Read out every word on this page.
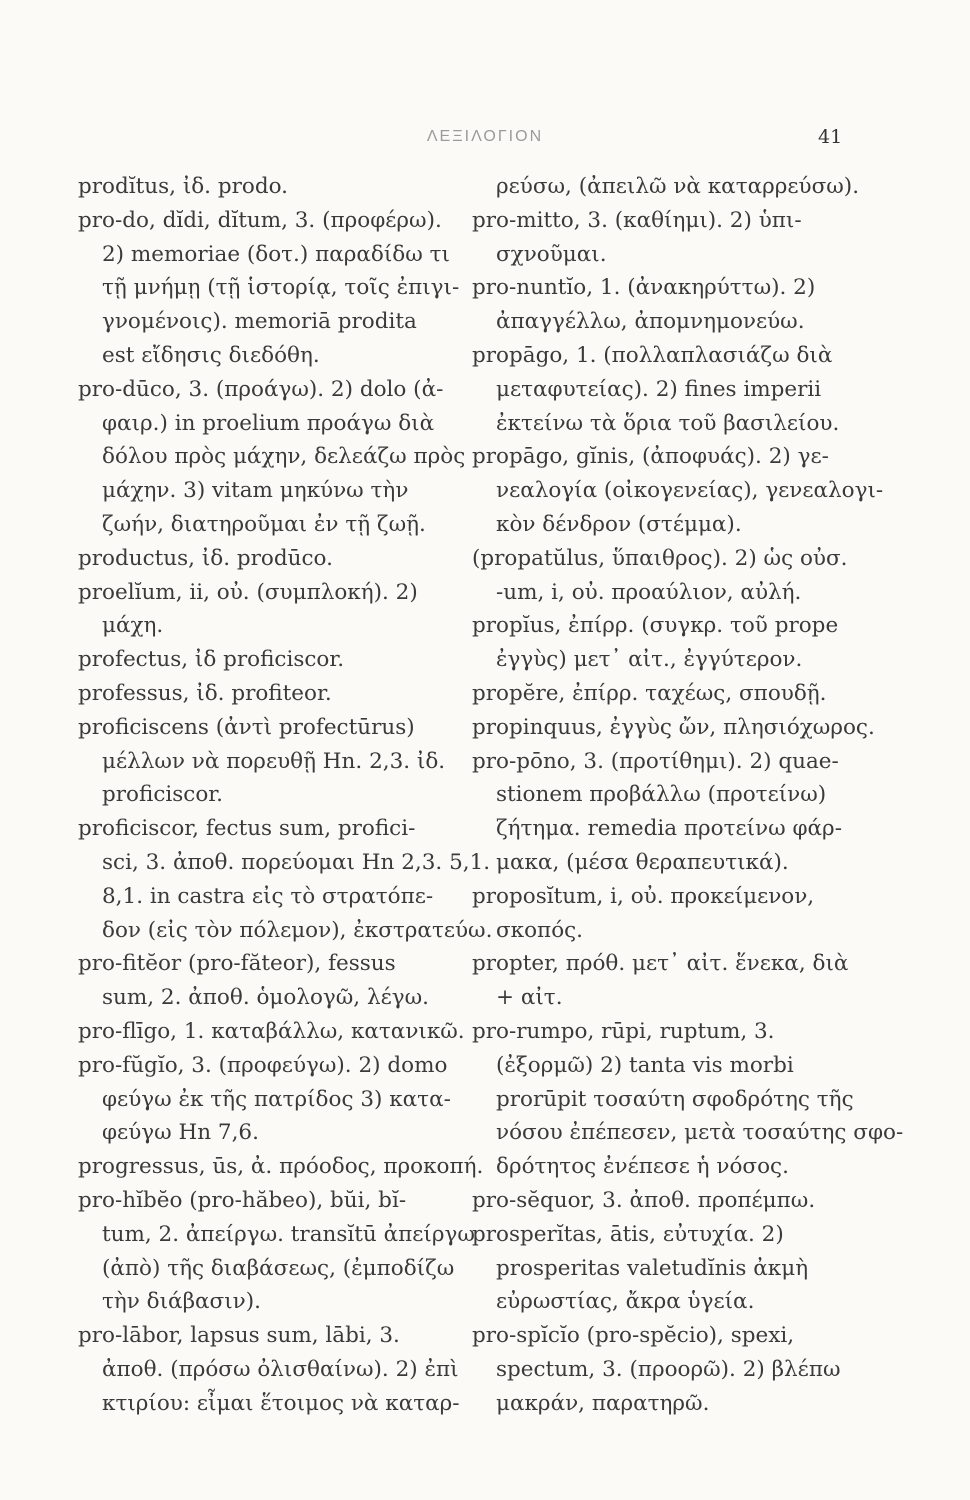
ΛΕΞΙΛΟΓΙΟΝ	41
prodĭtus, ἰδ. prodo.
pro-do, dĭdi, dĭtum, 3. (προφέρω).
2) memoriae (δοτ.) παραδίδω τι
τῇ μνήμῃ (τῇ ἱστορίᾳ, τοῖς ἐπιγι-
γνομένοις). memoriā prodita
est εἴδησις διεδόθη.
pro-dūco, 3. (προάγω). 2) dolo (ἀ-
φαιρ.) in proelium προάγω διὰ
δόλου πρὸς μάχην, δελεάζω πρὸς
μάχην. 3) vitam μηκύνω τὴν
ζωήν, διατηροῦμαι ἐν τῇ ζωῇ.
productus, ἰδ. prodūco.
proelĭum, ii, οὐ. (συμπλοκή). 2)
μάχη.
profectus, ἰδ proficiscor.
professus, ἰδ. profiteor.
proficiscens (ἀντὶ profectūrus)
μέλλων νὰ πορευθῇ Hn. 2,3. ἰδ.
proficiscor.
proficiscor, fectus sum, profici-
sci, 3. ἀποθ. πορεύομαι Hn 2,3. 5,1.
8,1. in castra εἰς τὸ στρατόπε-
δον (εἰς τὸν πόλεμον), ἐκστρατεύω.
pro-fitĕor (pro-făteor), fessus
sum, 2. ἀποθ. ὁμολογῶ, λέγω.
pro-flīgo, 1. καταβάλλω, κατανικῶ.
pro-fŭgĭo, 3. (προφεύγω). 2) domo
φεύγω ἐκ τῆς πατρίδος 3) κατα-
φεύγω Hn 7,6.
progressus, ūs, ἀ. πρόοδος, προκοπή.
pro-hĭbĕo (pro-hăbeo), bŭi, bĭ-
tum, 2. ἀπείργω. transĭtū ἀπείργω
(ἀπὸ) τῆς διαβάσεως, (ἐμποδίζω
τὴν διάβασιν).
pro-lābor, lapsus sum, lābi, 3.
ἀποθ. (πρόσω ὀλισθαίνω). 2) ἐπὶ
κτιρίου: εἶμαι ἕτοιμος νὰ καταρ-
ρεύσω, (ἀπειλῶ νὰ καταρρεύσω).
pro-mitto, 3. (καθίημι). 2) ὑπι-
σχνοῦμαι.
pro-nuntĭo, 1. (ἀνακηρύττω). 2)
ἀπαγγέλλω, ἀπομνημονεύω.
propāgo, 1. (πολλαπλασιάζω διὰ
μεταφυτείας). 2) fines imperii
ἐκτείνω τὰ ὅρια τοῦ βασιλείου.
propāgo, gĭnis, (ἀποφυάς). 2) γε-
νεαλογία (οἰκογενείας), γενεαλογι-
κὸν δένδρον (στέμμα).
(propatŭlus, ὕπαιθρος). 2) ὡς οὐσ.
-um, i, οὐ. προαύλιον, αὐλή.
propĭus, ἐπίρρ. (συγκρ. τοῦ prope
ἐγγὺς) μετ᾽ αἰτ., ἐγγύτερον.
propĕre, ἐπίρρ. ταχέως, σπουδῇ.
propinquus, ἐγγὺς ὤν, πλησιόχωρος.
pro-pōno, 3. (προτίθημι). 2) quae-
stionem προβάλλω (προτείνω)
ζήτημα. remedia προτείνω φάρ-
μακα, (μέσα θεραπευτικά).
proposĭtum, i, οὐ. προκείμενον,
σκοπός.
propter, πρόθ. μετ᾽ αἰτ. ἕνεκα, διὰ
+ αἰτ.
pro-rumpo, rūpi, ruptum, 3.
(ἐξορμῶ) 2) tanta vis morbi
prorūpit τοσαύτη σφοδρότης τῆς
νόσου ἐπέπεσεν, μετὰ τοσαύτης σφο-
δρότητος ἐνέπεσε ἡ νόσος.
pro-sĕquor, 3. ἀποθ. προπέμπω.
prosperĭtas, ātis, εὐτυχία. 2)
prosperitas valetudĭnis ἀκμὴ
εὐρωστίας, ἄκρα ὑγεία.
pro-spĭcĭo (pro-spĕcio), spexi,
spectum, 3. (προορῶ). 2) βλέπω
μακράν, παρατηρῶ.
